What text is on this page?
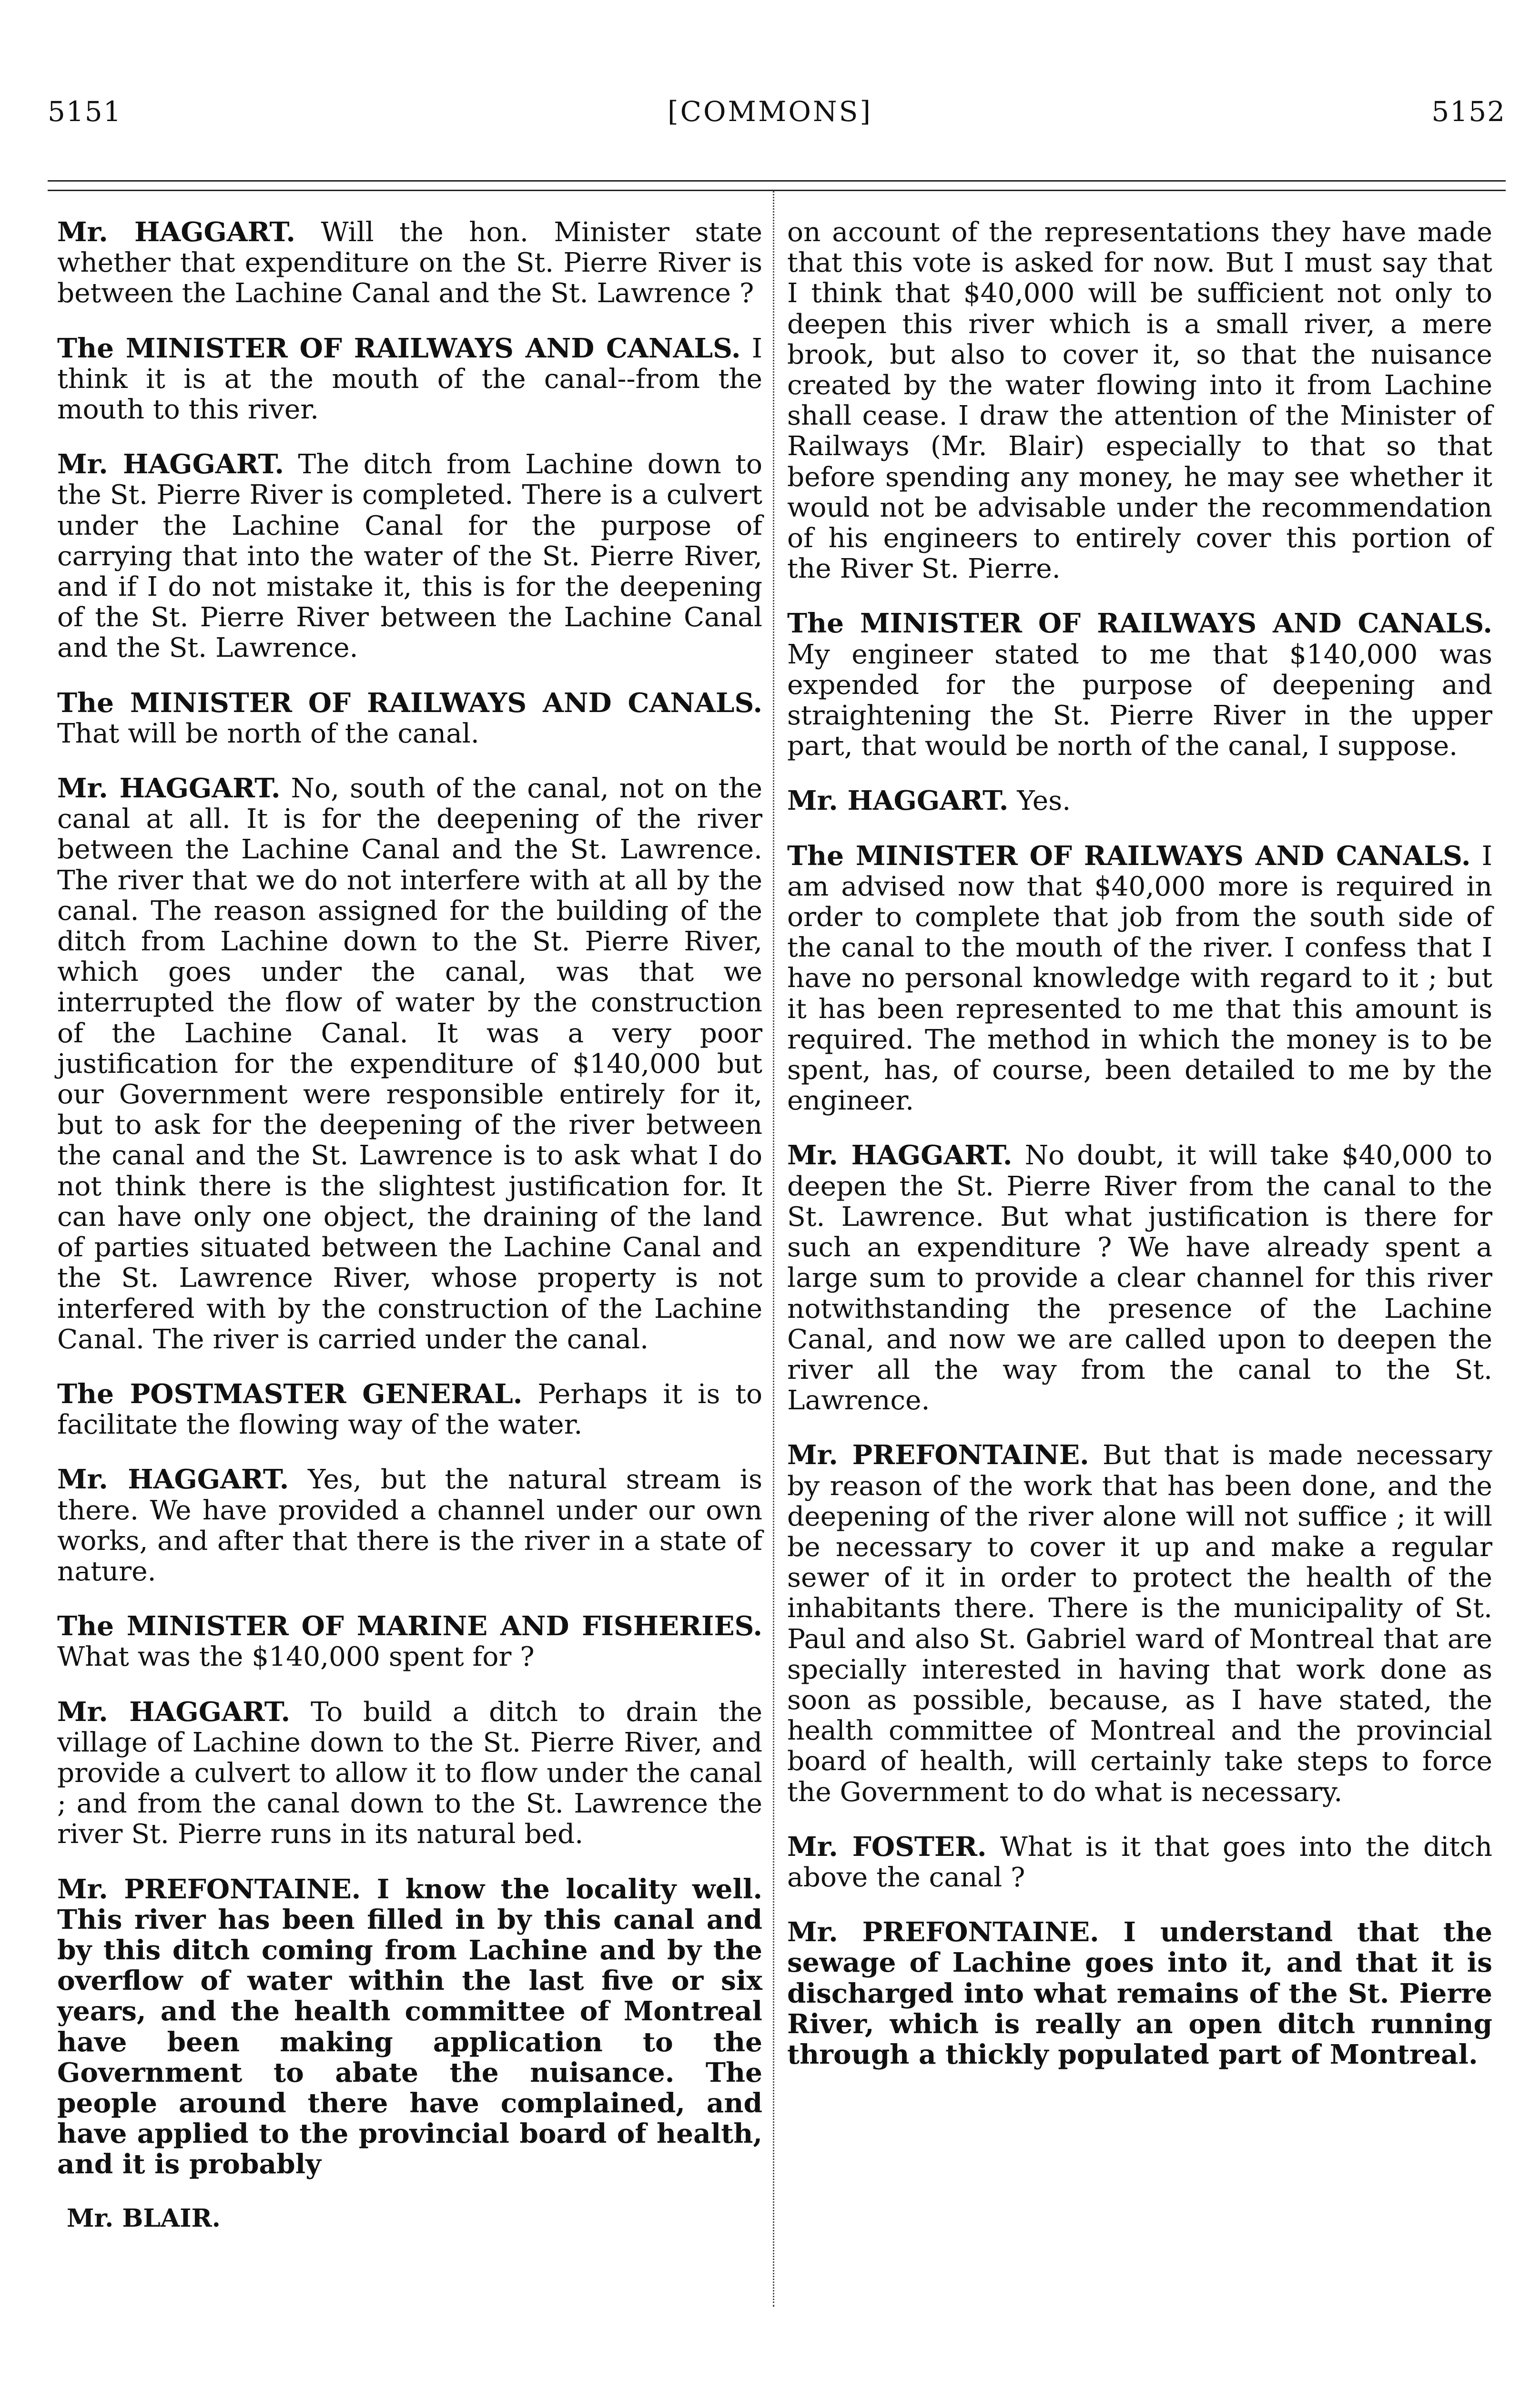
5151	[COMMONS]	5152

Mr. HAGGART. Will the hon. Minister state whether that expenditure on the St. Pierre River is between the Lachine Canal and the St. Lawrence ?

The MINISTER OF RAILWAYS AND CANALS. I think it is at the mouth of the canal--from the mouth to this river.

Mr. HAGGART. The ditch from Lachine down to the St. Pierre River is completed. There is a culvert under the Lachine Canal for the purpose of carrying that into the water of the St. Pierre River, and if I do not mistake it, this is for the deepening of the St. Pierre River between the Lachine Canal and the St. Lawrence.

The MINISTER OF RAILWAYS AND CANALS. That will be north of the canal.

Mr. HAGGART. No, south of the canal, not on the canal at all. It is for the deepening of the river between the Lachine Canal and the St. Lawrence. The river that we do not interfere with at all by the canal. The reason assigned for the building of the ditch from Lachine down to the St. Pierre River, which goes under the canal, was that we interrupted the flow of water by the construction of the Lachine Canal. It was a very poor justification for the expenditure of $140,000 but our Government were responsible entirely for it, but to ask for the deepening of the river between the canal and the St. Lawrence is to ask what I do not think there is the slightest justification for. It can have only one object, the draining of the land of parties situated between the Lachine Canal and the St. Lawrence River, whose property is not interfered with by the construction of the Lachine Canal. The river is carried under the canal.

The POSTMASTER GENERAL. Perhaps it is to facilitate the flowing way of the water.

Mr. HAGGART. Yes, but the natural stream is there. We have provided a channel under our own works, and after that there is the river in a state of nature.

The MINISTER OF MARINE AND FISHERIES. What was the $140,000 spent for ?

Mr. HAGGART. To build a ditch to drain the village of Lachine down to the St. Pierre River, and provide a culvert to allow it to flow under the canal ; and from the canal down to the St. Lawrence the river St. Pierre runs in its natural bed.

Mr. PREFONTAINE. I know the locality well. This river has been filled in by this canal and by this ditch coming from Lachine and by the overflow of water within the last five or six years, and the health committee of Montreal have been making application to the Government to abate the nuisance. The people around there have complained, and have applied to the provincial board of health, and it is probably

Mr. BLAIR.

on account of the representations they have made that this vote is asked for now. But I must say that I think that $40,000 will be sufficient not only to deepen this river which is a small river, a mere brook, but also to cover it, so that the nuisance created by the water flowing into it from Lachine shall cease. I draw the attention of the Minister of Railways (Mr. Blair) especially to that so that before spending any money, he may see whether it would not be advisable under the recommendation of his engineers to entirely cover this portion of the River St. Pierre.

The MINISTER OF RAILWAYS AND CANALS. My engineer stated to me that $140,000 was expended for the purpose of deepening and straightening the St. Pierre River in the upper part, that would be north of the canal, I suppose.

Mr. HAGGART. Yes.

The MINISTER OF RAILWAYS AND CANALS. I am advised now that $40,000 more is required in order to complete that job from the south side of the canal to the mouth of the river. I confess that I have no personal knowledge with regard to it ; but it has been represented to me that this amount is required. The method in which the money is to be spent, has, of course, been detailed to me by the engineer.

Mr. HAGGART. No doubt, it will take $40,000 to deepen the St. Pierre River from the canal to the St. Lawrence. But what justification is there for such an expenditure ? We have already spent a large sum to provide a clear channel for this river notwithstanding the presence of the Lachine Canal, and now we are called upon to deepen the river all the way from the canal to the St. Lawrence.

Mr. PREFONTAINE. But that is made necessary by reason of the work that has been done, and the deepening of the river alone will not suffice ; it will be necessary to cover it up and make a regular sewer of it in order to protect the health of the inhabitants there. There is the municipality of St. Paul and also St. Gabriel ward of Montreal that are specially interested in having that work done as soon as possible, because, as I have stated, the health committee of Montreal and the provincial board of health, will certainly take steps to force the Government to do what is necessary.

Mr. FOSTER. What is it that goes into the ditch above the canal ?

Mr. PREFONTAINE. I understand that the sewage of Lachine goes into it, and that it is discharged into what remains of the St. Pierre River, which is really an open ditch running through a thickly populated part of Montreal.
